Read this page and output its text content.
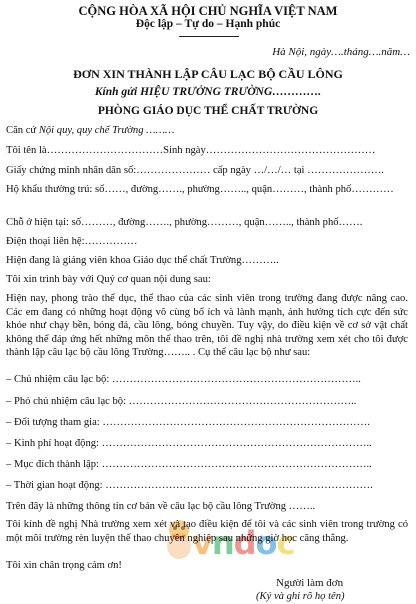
CỘNG HÒA XÃ HỘI CHỦ NGHĨA VIỆT NAM
Độc lập – Tự do – Hạnh phúc
Hà Nội, ngày….tháng….năm…
ĐƠN XIN THÀNH LẬP CÂU LẠC BỘ CẦU LÔNG
Kính gửi HIỆU TRƯỞNG TRƯỜNG………….
PHÒNG GIÁO DỤC THỂ CHẤT TRƯỜNG
Căn cứ Nội quy, quy chế Trường ………
Tôi tên là……………………………Sinh ngày…………………………………………
Giấy chứng minh nhân dân số:………………… cấp ngày …/…/… tại ………………….
Hộ khẩu thường trú: số……, đường……., phường…….., quận………, thành phố…………
Chỗ ở hiện tại: số………, đường……., phường………, quận…….., thành phố…….
Điện thoại liên hệ:……………
Hiện đang là giảng viên khoa Giáo dục thể chất Trường………..
Tôi xin trình bày với Quý cơ quan nội dung sau:
Hiện nay, phong trào thể dục, thể thao của các sinh viên trong trường đang được nâng cao. Các em đang có những hoạt động vô cùng bổ ích và lành mạnh, ảnh hưởng tích cực đến sức khỏe như chạy bền, bóng đá, cầu lông, bóng chuyền. Tuy vậy, do điều kiện về cơ sở vật chất không thể đáp ứng hết những môn thể thao trên, tôi đề nghị nhà trường xem xét cho tôi được thành lập câu lạc bộ cầu lông Trường…….. . Cụ thể câu lạc bộ như sau:
– Chủ nhiệm câu lạc bộ: ……………………………………………………………..
– Phó chủ nhiệm câu lạc bộ: ………………………………………………………..
– Đối tượng tham gia: ………………………………………………………………….
– Kinh phí hoạt động: …………………………………………………………………..
– Mục đích thành lập: …………………………………………………………………..
– Thời gian hoạt động: ………………………………………………………………….
Trên đây là những thông tin cơ bản về câu lạc bộ cầu lông Trường ……..
vndoc
Tôi kính đề nghị Nhà trường xem xét và tạo điều kiện để tôi và các sinh viên trong trường có một môi trường rèn luyện thể thao chuyên nghiệp sau những giờ học căng thẳng.
Tôi xin chân trọng cảm ơn!
Người làm đơn
(Ký và ghi rõ họ tên)
